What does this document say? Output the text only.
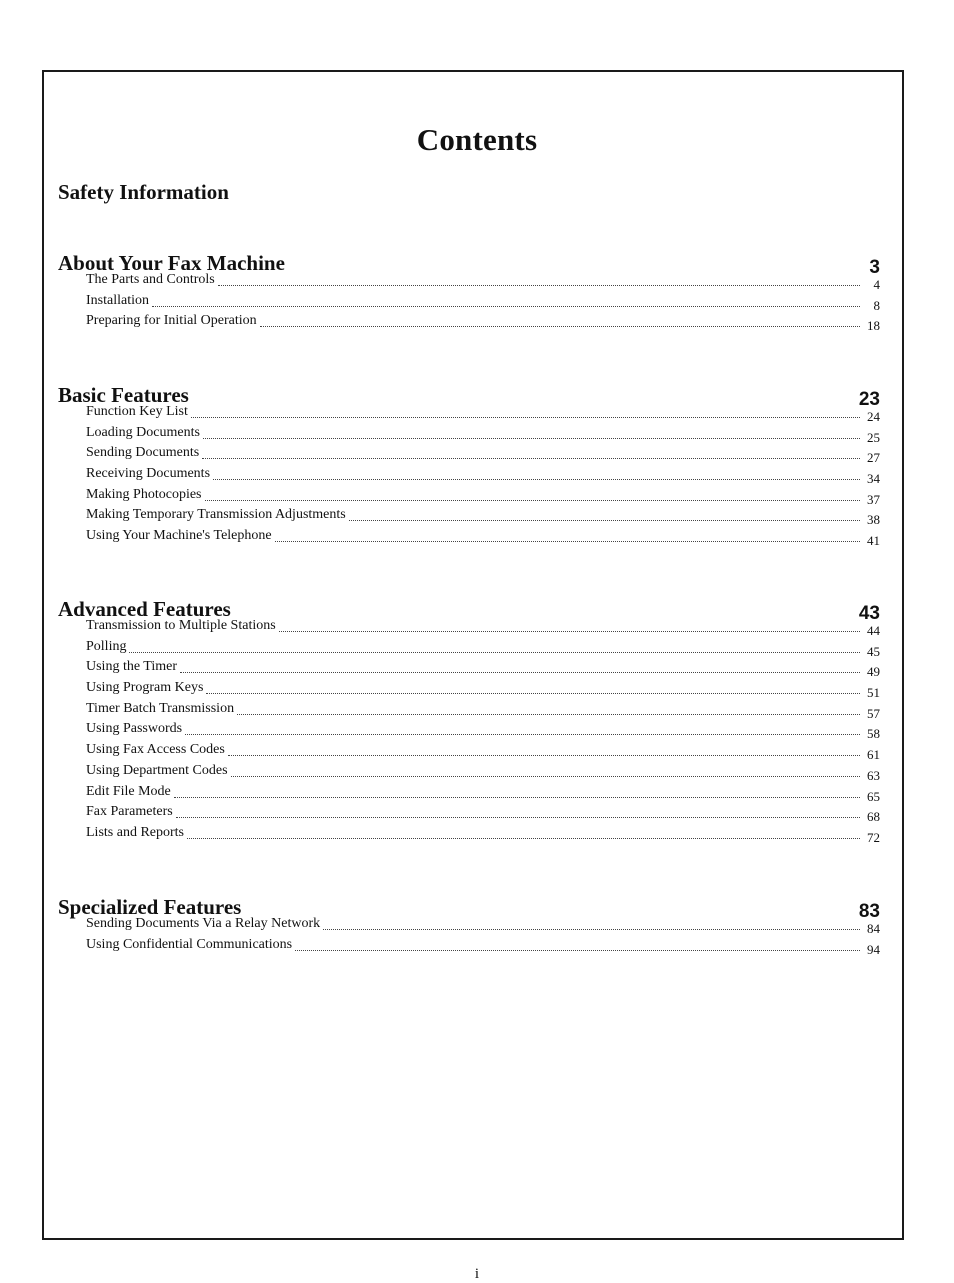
Contents
Safety Information
About Your Fax Machine	3
The Parts and Controls	4
Installation	8
Preparing for Initial Operation	18
Basic Features	23
Function Key List	24
Loading Documents	25
Sending Documents	27
Receiving Documents	34
Making Photocopies	37
Making Temporary Transmission Adjustments	38
Using Your Machine's Telephone	41
Advanced Features	43
Transmission to Multiple Stations	44
Polling	45
Using the Timer	49
Using Program Keys	51
Timer Batch Transmission	57
Using Passwords	58
Using Fax Access Codes	61
Using Department Codes	63
Edit File Mode	65
Fax Parameters	68
Lists and Reports	72
Specialized Features	83
Sending Documents Via a Relay Network	84
Using Confidential Communications	94
i
